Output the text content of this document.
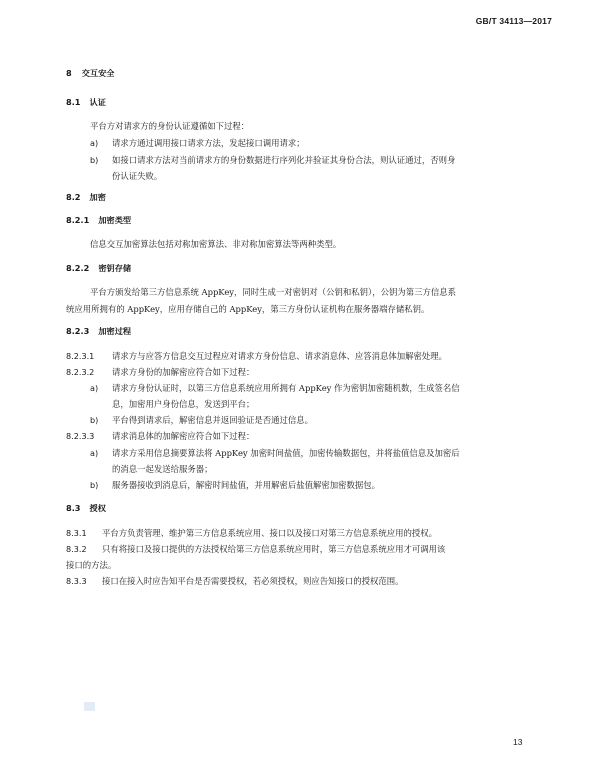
GB/T 34113—2017
8 交互安全
8.1 认证
平台方对请求方的身份认证遵循如下过程：
a) 请求方通过调用接口请求方法，发起接口调用请求；
b) 如接口请求方法对当前请求方的身份数据进行序列化并验证其身份合法，则认证通过，否则身
份认证失败。
8.2 加密
8.2.1 加密类型
信息交互加密算法包括对称加密算法、非对称加密算法等两种类型。
8.2.2 密钥存储
平台方颁发给第三方信息系统 AppKey，同时生成一对密钥对（公钥和私钥），公钥为第三方信息系
统应用所拥有的 AppKey，应用存储自己的 AppKey，第三方身份认证机构在服务器端存储私钥。
8.2.3 加密过程
8.2.3.1 请求方与应答方信息交互过程应对请求方身份信息、请求消息体、应答消息体加解密处理。
8.2.3.2 请求方身份的加解密应符合如下过程：
a) 请求方身份认证时，以第三方信息系统应用所拥有 AppKey 作为密钥加密随机数，生成签名信
息，加密用户身份信息，发送到平台；
b) 平台得到请求后，解密信息并返回验证是否通过信息。
8.2.3.3 请求消息体的加解密应符合如下过程：
a) 请求方采用信息摘要算法将 AppKey 加密时间盐值，加密传输数据包，并将盐值信息及加密后
的消息一起发送给服务器；
b) 服务器接收到消息后，解密时间盐值，并用解密后盐值解密加密数据包。
8.3 授权
8.3.1 平台方负责管理、维护第三方信息系统应用、接口以及接口对第三方信息系统应用的授权。
8.3.2 只有将接口及接口提供的方法授权给第三方信息系统应用时，第三方信息系统应用才可调用该
接口的方法。
8.3.3 接口在接入时应告知平台是否需要授权，若必须授权，则应告知接口的授权范围。
13
